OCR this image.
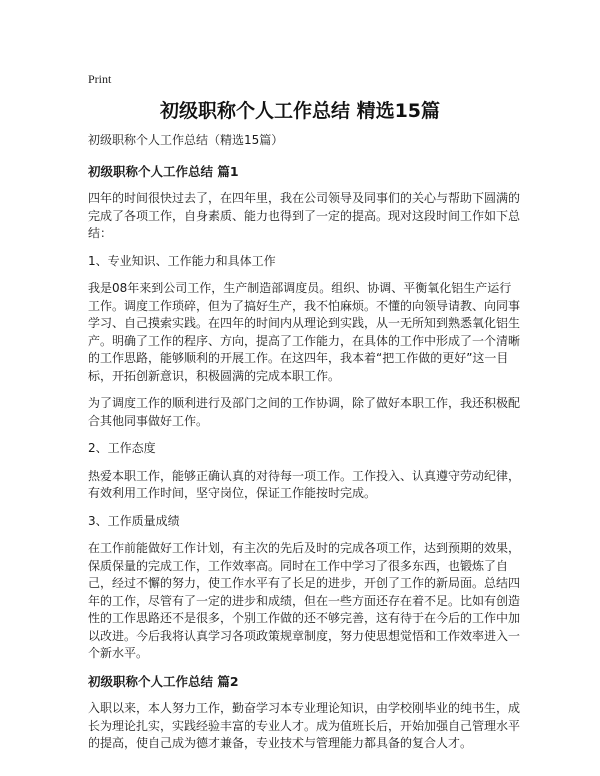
Print
初级职称个人工作总结 精选15篇

初级职称个人工作总结（精选15篇）

初级职称个人工作总结 篇1

四年的时间很快过去了，在四年里，我在公司领导及同事们的关心与帮助下圆满的完成了各项工作，自身素质、能力也得到了一定的提高。现对这段时间工作如下总结：

1、专业知识、工作能力和具体工作

我是08年来到公司工作，生产制造部调度员。组织、协调、平衡氧化铝生产运行工作。调度工作琐碎，但为了搞好生产，我不怕麻烦。不懂的向领导请教、向同事学习、自己摸索实践。在四年的时间内从理论到实践，从一无所知到熟悉氧化铝生产。明确了工作的程序、方向，提高了工作能力，在具体的工作中形成了一个清晰的工作思路，能够顺利的开展工作。在这四年，我本着“把工作做的更好”这一目标，开拓创新意识，积极圆满的完成本职工作。

为了调度工作的顺利进行及部门之间的工作协调，除了做好本职工作，我还积极配合其他同事做好工作。

2、工作态度

热爱本职工作，能够正确认真的对待每一项工作。工作投入、认真遵守劳动纪律，有效利用工作时间，坚守岗位，保证工作能按时完成。

3、工作质量成绩

在工作前能做好工作计划，有主次的先后及时的完成各项工作，达到预期的效果，保质保量的完成工作，工作效率高。同时在工作中学习了很多东西，也锻炼了自己，经过不懈的努力，使工作水平有了长足的进步，开创了工作的新局面。总结四年的工作，尽管有了一定的进步和成绩，但在一些方面还存在着不足。比如有创造性的工作思路还不是很多，个别工作做的还不够完善，这有待于在今后的工作中加以改进。今后我将认真学习各项政策规章制度，努力使思想觉悟和工作效率进入一个新水平。

初级职称个人工作总结 篇2

入职以来，本人努力工作，勤奋学习本专业理论知识，由学校刚毕业的纯书生，成长为理论扎实，实践经验丰富的专业人才。成为值班长后，开始加强自己管理水平的提高，使自己成为德才兼备，专业技术与管理能力都具备的复合人才。
